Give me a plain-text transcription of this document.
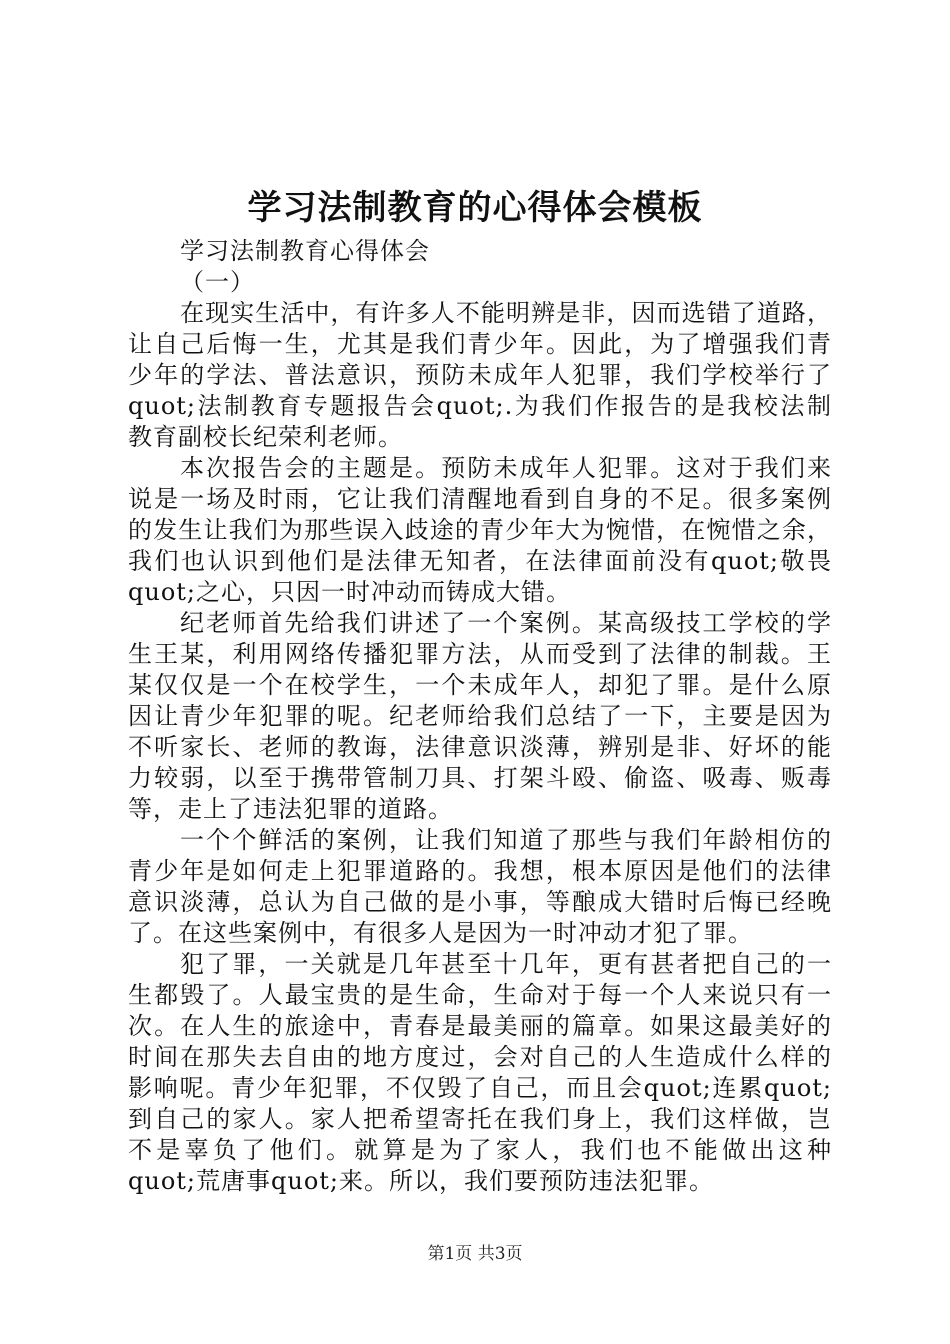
学习法制教育的心得体会模板

学习法制教育心得体会

（一）

在现实生活中，有许多人不能明辨是非，因而选错了道路，

让自己后悔一生，尤其是我们青少年。因此，为了增强我们青

少年的学法、普法意识，预防未成年人犯罪，我们学校举行了

quot;法制教育专题报告会quot;.为我们作报告的是我校法制

教育副校长纪荣利老师。

本次报告会的主题是。预防未成年人犯罪。这对于我们来

说是一场及时雨，它让我们清醒地看到自身的不足。很多案例

的发生让我们为那些误入歧途的青少年大为惋惜，在惋惜之余，

我们也认识到他们是法律无知者，在法律面前没有quot;敬畏

quot;之心，只因一时冲动而铸成大错。

纪老师首先给我们讲述了一个案例。某高级技工学校的学

生王某，利用网络传播犯罪方法，从而受到了法律的制裁。王

某仅仅是一个在校学生，一个未成年人，却犯了罪。是什么原

因让青少年犯罪的呢。纪老师给我们总结了一下，主要是因为

不听家长、老师的教诲，法律意识淡薄，辨别是非、好坏的能

力较弱，以至于携带管制刀具、打架斗殴、偷盗、吸毒、贩毒

等，走上了违法犯罪的道路。

一个个鲜活的案例，让我们知道了那些与我们年龄相仿的

青少年是如何走上犯罪道路的。我想，根本原因是他们的法律

意识淡薄，总认为自己做的是小事，等酿成大错时后悔已经晚

了。在这些案例中，有很多人是因为一时冲动才犯了罪。

犯了罪，一关就是几年甚至十几年，更有甚者把自己的一

生都毁了。人最宝贵的是生命，生命对于每一个人来说只有一

次。在人生的旅途中，青春是最美丽的篇章。如果这最美好的

时间在那失去自由的地方度过，会对自己的人生造成什么样的

影响呢。青少年犯罪，不仅毁了自己，而且会quot;连累quot;

到自己的家人。家人把希望寄托在我们身上，我们这样做，岂

不是辜负了他们。就算是为了家人，我们也不能做出这种

quot;荒唐事quot;来。所以，我们要预防违法犯罪。

第1页 共3页
